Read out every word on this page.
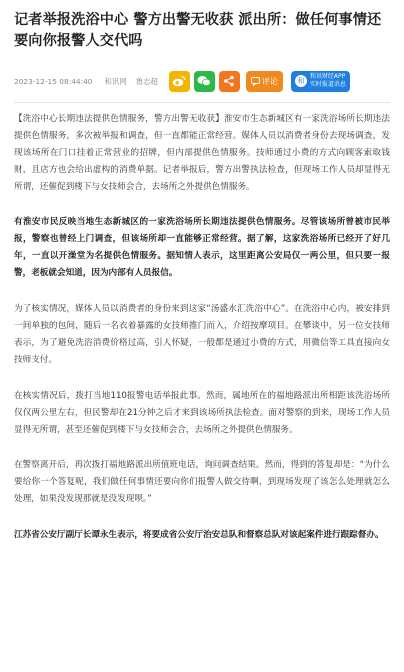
记者举报洗浴中心 警方出警无收获 派出所：做任何事情还要向你报警人交代吗
2023-12-15 08:44:40 和讯网 鲁志超	评论	和
和讯财经APP
实时报道消息

【洗浴中心长期违法提供色情服务，警方出警无收获】淮安市生态新城区有一家洗浴场所长期违法提供色情服务，多次被举报和调查，但一直都能正常经营。媒体人员以消费者身份去现场调查，发现该场所在门口挂着正常营业的招牌，但内部提供色情服务。技师通过小费的方式向顾客索取钱财，且店方也会给出虚构的消费单据。记者举报后，警方出警执法检查，但现场工作人员却显得无所谓，还催促到楼下与女技师会合，去场所之外提供色情服务。

有淮安市民反映当地生态新城区的一家洗浴场所长期违法提供色情服务。尽管该场所曾被市民举报，警察也曾经上门调查，但该场所却一直能够正常经营。据了解，这家洗浴场所已经开了好几年，一直以开澡堂为名提供色情服务。据知情人表示，这里距离公安局仅一两公里，但只要一报警，老板就会知道，因为内部有人员报信。

为了核实情况，媒体人员以消费者的身份来到这家“汤盛水汇洗浴中心”。在洗浴中心内，被安排到一间单独的包间，随后一名衣着暴露的女技师推门而入，介绍按摩项目。在攀谈中，另一位女技师表示，为了避免洗浴消费价格过高，引人怀疑，一般都是通过小费的方式，用微信等工具直接向女技师支付。

在核实情况后，拨打当地110报警电话举报此事。然而，属地所在的福地路派出所相距该洗浴场所仅仅两公里左右，但民警却在21分钟之后才来到该场所执法检查。面对警察的到来，现场工作人员显得无所谓，甚至还催促到楼下与女技师会合，去场所之外提供色情服务。

在警察离开后，再次拨打福地路派出所值班电话，询问调查结果。然而，得到的答复却是：“为什么要给你一个答复呢，我们做任何事情还要向你们报警人做交待啊，到现场发现了该怎么处理就怎么处理，如果没发现那就是没发现呗。”

江苏省公安厅副厅长谭永生表示，将要成省公安厅治安总队和督察总队对该起案件进行跟踪督办。
